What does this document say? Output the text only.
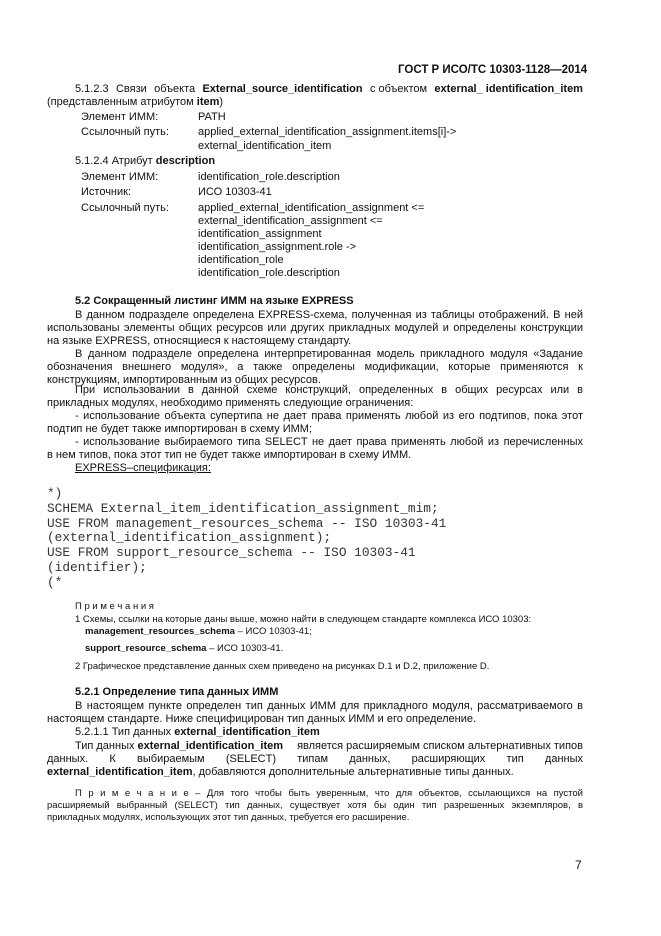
ГОСТ Р ИСО/ТС 10303-1128—2014
5.1.2.3 Связи объекта External_source_identification с объектом external_ identification_item
(представленным атрибутом item)
Элемент ИММ:	PATH
Ссылочный путь:	applied_external_identification_assignment.items[i]->
external_identification_item
5.1.2.4 Атрибут description
Элемент ИММ:	identification_role.description
Источник:	ИСО 10303-41
Ссылочный путь:	applied_external_identification_assignment <=
external_identification_assignment <=
identification_assignment
identification_assignment.role ->
identification_role
identification_role.description
5.2 Сокращенный листинг ИММ на языке EXPRESS
В данном подразделе определена EXPRESS-схема, полученная из таблицы отображений. В ней
использованы элементы общих ресурсов или других прикладных модулей и определены конструкции
на языке EXPRESS, относящиеся к настоящему стандарту.
В данном подразделе определена интерпретированная модель прикладного модуля «Задание
обозначения внешнего модуля», а также определены модификации, которые применяются к
конструкциям, импортированным из общих ресурсов.
При использовании в данной схеме конструкций, определенных в общих ресурсах или в
прикладных модулях, необходимо применять следующие ограничения:
- использование объекта супертипа не дает права применять любой из его подтипов, пока этот
подтип не будет также импортирован в схему ИММ;
- использование выбираемого типа SELECT не дает права применять любой из перечисленных
в нем типов, пока этот тип не будет также импортирован в схему ИММ.
EXPRESS–спецификация:
*)
SCHEMA External_item_identification_assignment_mim;
USE FROM management_resources_schema -- ISO 10303-41
(external_identification_assignment);
USE FROM support_resource_schema -- ISO 10303-41
(identifier);
(*
П р и м е ч а н и я
1 Схемы, ссылки на которые даны выше, можно найти в следующем стандарте комплекса ИСО 10303:
management_resources_schema – ИСО 10303-41;
support_resource_schema – ИСО 10303-41.
2 Графическое представление данных схем приведено на рисунках D.1 и D.2, приложение D.
5.2.1 Определение типа данных ИММ
В настоящем пункте определен тип данных ИММ для прикладного модуля, рассматриваемого в
настоящем стандарте. Ниже специфицирован тип данных ИММ и его определение.
5.2.1.1 Тип данных external_identification_item
Тип данных external_identification_item является расширяемым списком альтернативных типов
данных. К выбираемым (SELECT) типам данных, расширяющих тип данных
external_identification_item, добавляются дополнительные альтернативные типы данных.
П р и м е ч а н и е – Для того чтобы быть уверенным, что для объектов, ссылающихся на пустой
расширяемый выбранный (SELECT) тип данных, существует хотя бы один тип разрешенных экземпляров, в
прикладных модулях, использующих этот тип данных, требуется его расширение.
7
